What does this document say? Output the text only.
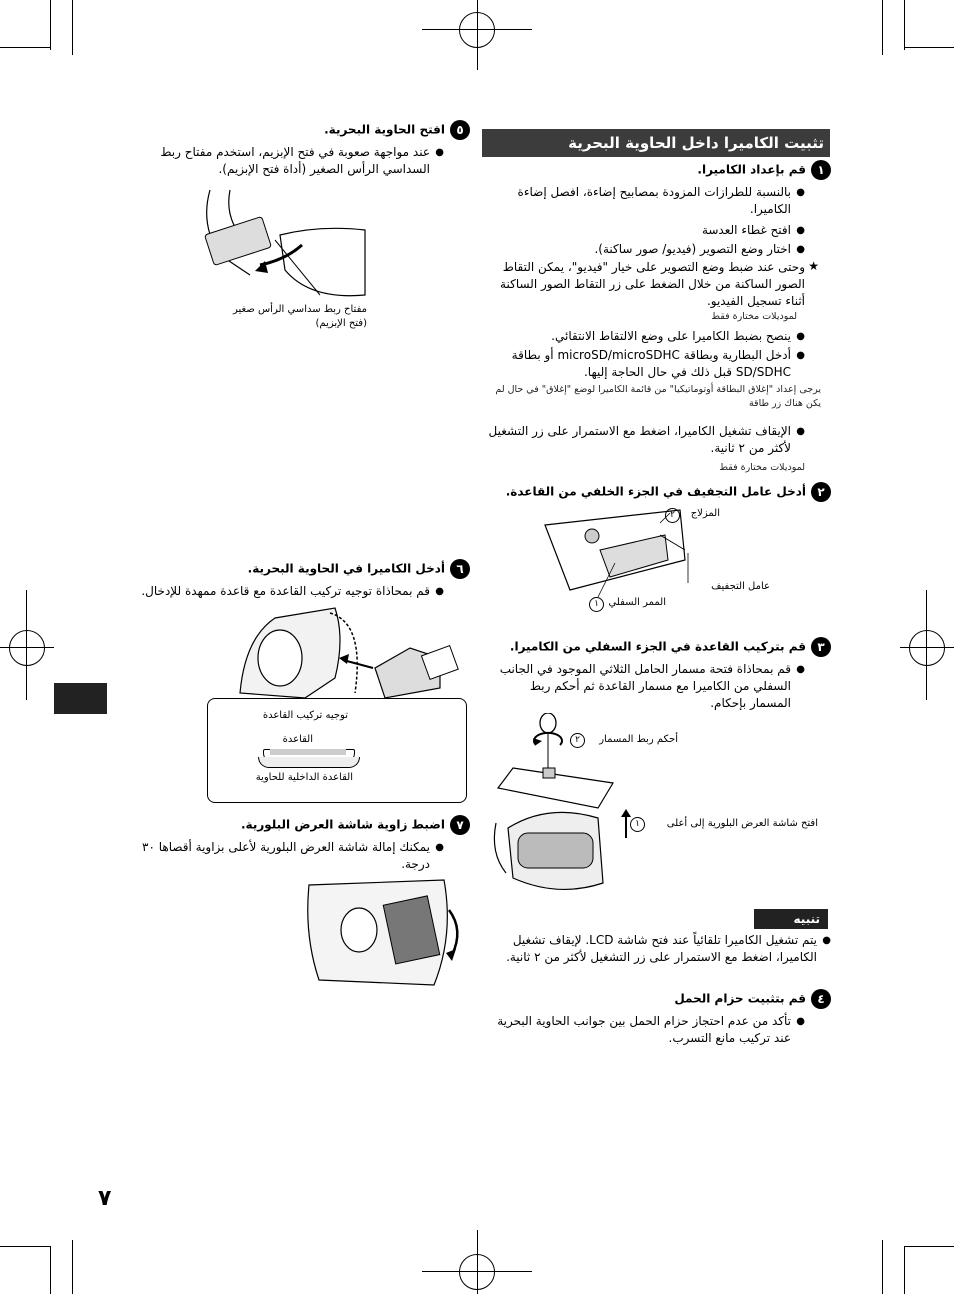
٧
تثبيت الكاميرا داخل الحاوية البحرية
١قم بإعداد الكاميرا.
● بالنسبة للطرازات المزودة بمصابيح إضاءة، افصل إضاءة الكاميرا.
● افتح غطاء العدسة
● اختار وضع التصوير (فيديو/ صور ساكنة).
★
وحتى عند ضبط وضع التصوير على خيار "فيديو"، يمكن التقاط الصور الساكنة من خلال الضغط على زر التقاط الصور الساكنة أثناء تسجيل الفيديو.
لموديلات مختارة فقط
● ينصح بضبط الكاميرا على وضع الالتقاط الانتقائي.
● أدخل البطارية وبطاقة microSD/microSDHC أو بطاقة SD/SDHC قبل ذلك في حال الحاجة إليها.
يرجى إعداد "إغلاق البطاقة أوتوماتيكيا" من قائمة الكاميرا لوضع "إغلاق" في حال لم يكن هناك زر طاقة
● الإيقاف تشغيل الكاميرا، اضغط مع الاستمرار على زر التشغيل لأكثر من ٢ ثانية.
لموديلات مختارة فقط
٢أدخل عامل التجفيف في الجزء الخلفي من القاعدة.
٢	المزلاج
عامل التجفيف
١ الممر السفلي
٣قم بتركيب القاعدة في الجزء السفلي من الكاميرا.
● قم بمحاذاة فتحة مسمار الحامل الثلاثي الموجود في الجانب السفلي من الكاميرا مع مسمار القاعدة ثم أحكم ربط المسمار بإحكام.
٢	أحكم ربط المسمار
١	افتح شاشة العرض البلورية إلى أعلى
تنبيه
● يتم تشغيل الكاميرا تلقائياً عند فتح شاشة LCD. لإيقاف تشغيل الكاميرا، اضغط مع الاستمرار على زر التشغيل لأكثر من ٢ ثانية.
٤قم بتثبيت حزام الحمل
● تأكد من عدم احتجاز حزام الحمل بين جوانب الحاوية البحرية عند تركيب مانع التسرب.
٥افتح الحاوية البحرية.
● عند مواجهة صعوبة في فتح الإبزيم، استخدم مفتاح ربط السداسي الرأس الصغير (أداة فتح الإبزيم).
مفتاح ربط سداسي الرأس صغير (فتح الإبزيم)
٦أدخل الكاميرا في الحاوية البحرية.
● قم بمحاذاة توجيه تركيب القاعدة مع قاعدة ممهدة للإدخال.
توجيه تركيب القاعدة
القاعدة
القاعدة الداخلية للحاوية
٧اضبط زاوية شاشة العرض البلورية.
● يمكنك إمالة شاشة العرض البلورية لأعلى بزاوية أقصاها ٣٠ درجة.
